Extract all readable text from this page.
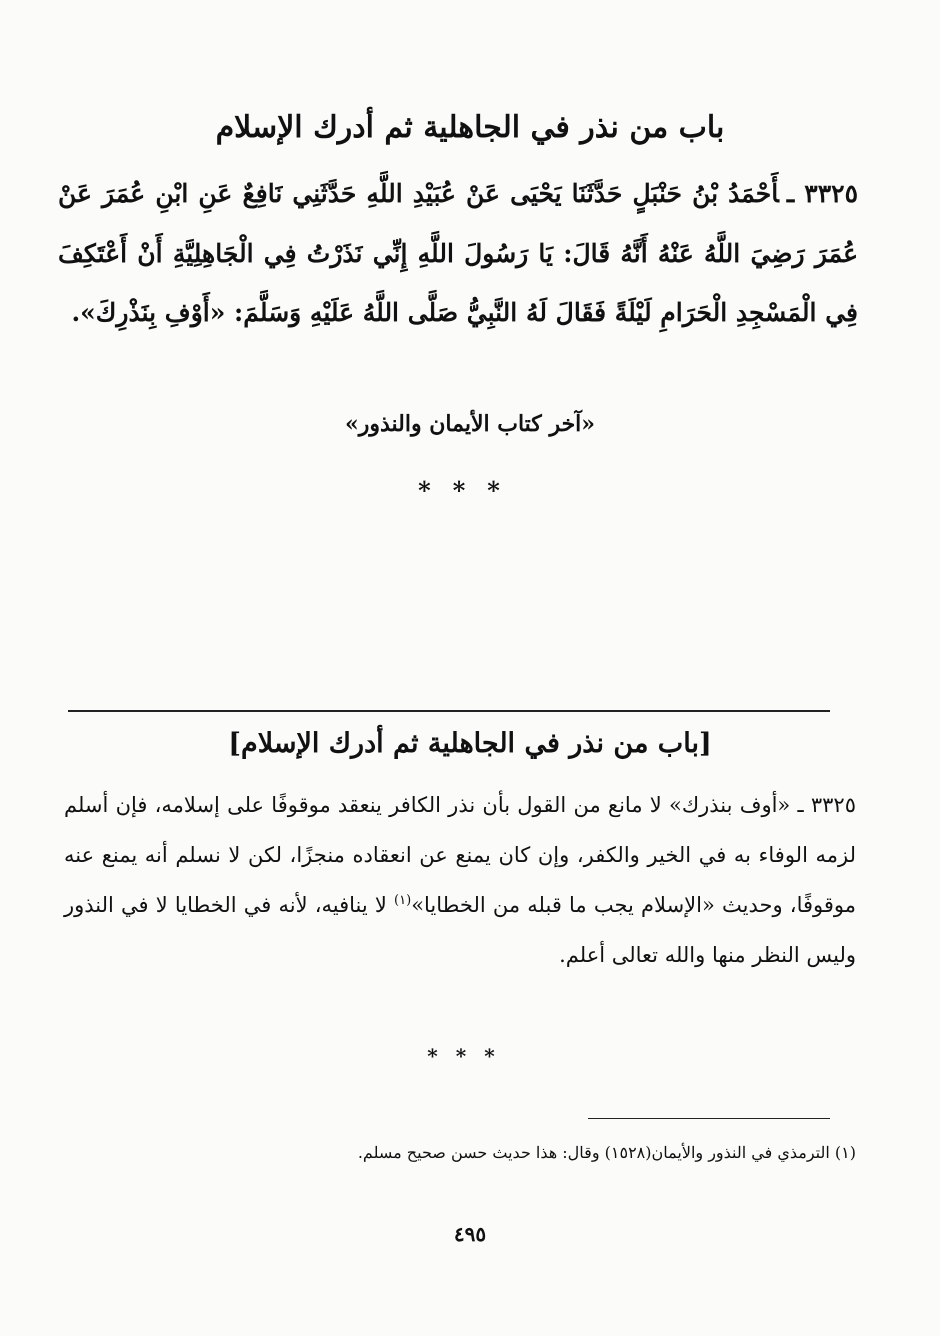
باب من نذر في الجاهلية ثم أدرك الإسلام
٣٣٢٥ ـأَحْمَدُ بْنُ حَنْبَلٍ حَدَّثَنَا يَحْيَى عَنْ عُبَيْدِ اللَّهِ حَدَّثَنِي نَافِعٌ عَنِ ابْنِ عُمَرَ عَنْ عُمَرَ رَضِيَ اللَّهُ عَنْهُ أَنَّهُ قَالَ: يَا رَسُولَ اللَّهِ إِنِّي نَذَرْتُ فِي الْجَاهِلِيَّةِ أَنْ أَعْتَكِفَ فِي الْمَسْجِدِ الْحَرَامِ لَيْلَةً فَقَالَ لَهُ النَّبِيُّ صَلَّى اللَّهُ عَلَيْهِ وَسَلَّمَ: «أَوْفِ بِنَذْرِكَ».
«آخر كتاب الأيمان والنذور»
***
[باب من نذر في الجاهلية ثم أدرك الإسلام]
٣٣٢٥ ـ «أوف بنذرك» لا مانع من القول بأن نذر الكافر ينعقد موقوفًا على إسلامه، فإن أسلم لزمه الوفاء به في الخير والكفر، وإن كان يمنع عن انعقاده منجزًا، لكن لا نسلم أنه يمنع عنه موقوفًا، وحديث «الإسلام يجب ما قبله من الخطايا»$^{(١)}$ لا ينافيه، لأنه في الخطايا لا في النذور وليس النظر منها والله تعالى أعلم.
***
(١) الترمذي في النذور والأيمان(١٥٢٨) وقال: هذا حديث حسن صحيح مسلم.
٤٩٥
